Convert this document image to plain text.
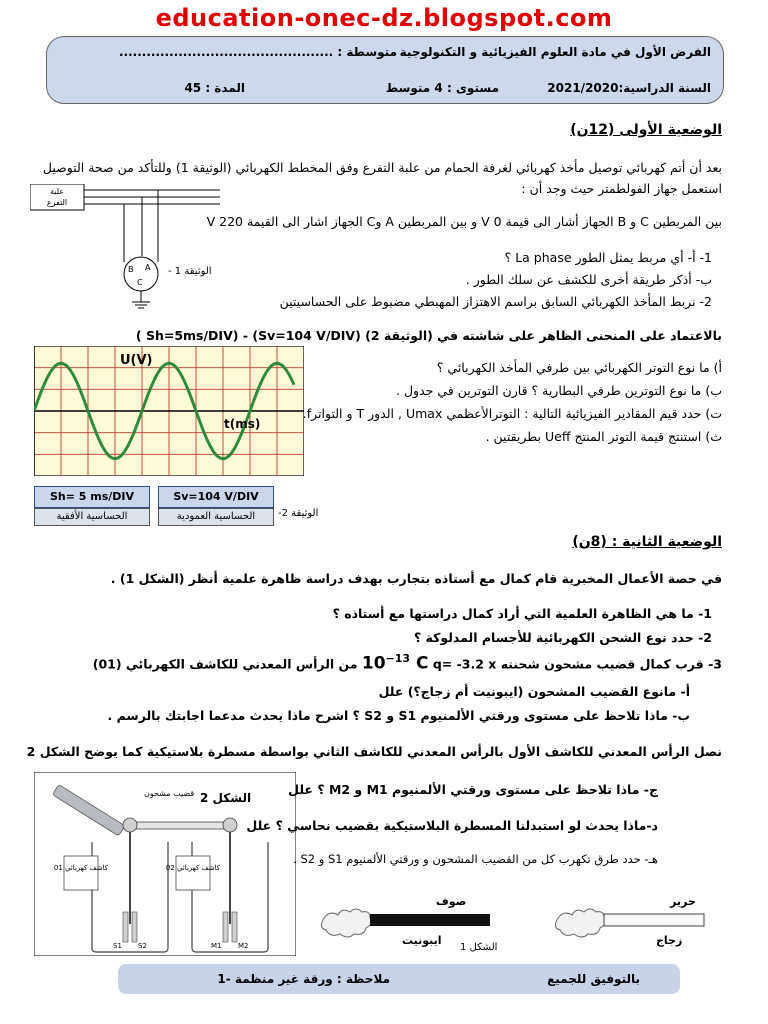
education-onec-dz.blogspot.com
الفرض الأول في مادة العلوم الفيزيائية و التكنولوجية
متوسطة : ...............................................
السنة الدراسية:2021/2020
مستوى : 4 متوسط
المدة : 45
الوضعية الأولى (12ن)
بعد أن أتم كهربائي توصيل مأخذ كهربائي لغرفة الحمام من علبة التفرع وفق المخطط الكهربائي (الوثيقة 1) وللتأكد من صحة التوصيل
استعمل جهاز الفولطمتر حيث وجد أن :
بين المربطين C و B الجهاز أشار الى قيمة V 0 و بين المربطين A وC الجهاز اشار الى القيمة V 220
علبة
التفرع
B A
C
الوثيقة 1 -
1- أ- أي مربط يمثل الطور La phase ؟
ب- أذكر طريقة أخرى للكشف عن سلك الطور .
2- نربط المأخذ الكهربائي السابق براسم الاهتزاز المهبطي مضبوط على الحساسيتين
( Sh=5ms/DIV) - (Sv=104 V/DIV) بالاعتماد على المنحنى الظاهر على شاشته في (الوثيقة 2)
U(V)
t(ms)
Sh= 5 ms/DIV	Sv=104 V/DIV
الحساسية الأفقية	الحساسية العمودية	الوثيقة 2-
أ) ما نوع التوتر الكهربائي بين طرفي المأخذ الكهربائي ؟
ب) ما نوع التوترين طرفي البطارية ؟ قارن التوترين في جدول .
ت) حدد قيم المقادير الفيزيائية التالية : التوترالأعظمي Umax , الدور T و التواترf.
ث) استنتج قيمة التوتر المنتج Ueff بطريقتين .
الوضعية الثانية : (8ن)
في حصة الأعمال المخبرية قام كمال مع أستاذه بتجارب بهدف دراسة ظاهرة علمية أنظر (الشكل 1) .
1- ما هي الظاهرة العلمية التي أراد كمال دراستها مع أستاذه ؟
2- حدد نوع الشحن الكهربائية للأجسام المدلوكة ؟
3- قرب كمال قضيب مشحون شحنته q= -3.2 x $10^{-13}$ C من الرأس المعدني للكاشف الكهربائي (01)
أ- مانوع القضيب المشحون (ايبونيت أم زجاج؟) علل
ب- ماذا تلاحظ على مستوى ورقتي الألمنيوم S1 و S2 ؟ اشرح ماذا يحدث مدعما اجابتك بالرسم .
نصل الرأس المعدني للكاشف الأول بالرأس المعدني للكاشف الثاني بواسطة مسطرة بلاستيكية كما يوضح الشكل 2
الشكل 2
قضيب مشحون
كاشف كهربائي 01	كاشف كهربائي 02
S1 S2	M1 M2
ج- ماذا تلاحظ على مستوى ورقتي الألمنيوم M1 و M2 ؟ علل
د-ماذا يحدث لو استبدلنا المسطرة البلاستيكية بقضيب نحاسي ؟ علل
هـ- حدد طرق تكهرب كل من القضيب المشحون و ورقتي الألمنيوم S1 و S2 .
صوف
ايبونيت
الشكل 1
حرير
زجاج
بالتوفيق للجميع
ملاحظة : ورقة غير منظمة -1
